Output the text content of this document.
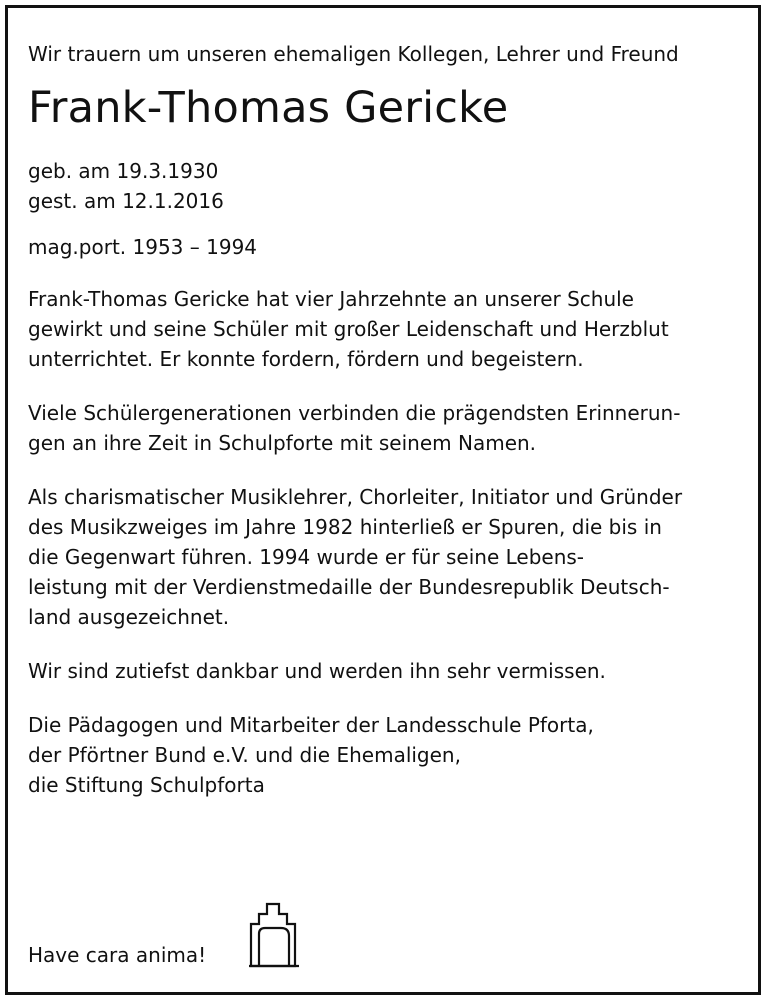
Wir trauern um unseren ehemaligen Kollegen, Lehrer und Freund

Frank-Thomas Gericke

geb. am 19.3.1930
gest. am 12.1.2016

mag.port. 1953 – 1994

Frank-Thomas Gericke hat vier Jahrzehnte an unserer Schule
gewirkt und seine Schüler mit großer Leidenschaft und Herzblut
unterrichtet. Er konnte fordern, fördern und begeistern.

Viele Schülergenerationen verbinden die prägendsten Erinnerun-
gen an ihre Zeit in Schulpforte mit seinem Namen.

Als charismatischer Musiklehrer, Chorleiter, Initiator und Gründer
des Musikzweiges im Jahre 1982 hinterließ er Spuren, die bis in
die Gegenwart führen. 1994 wurde er für seine Lebens-
leistung mit der Verdienstmedaille der Bundesrepublik Deutsch-
land ausgezeichnet.

Wir sind zutiefst dankbar und werden ihn sehr vermissen.

Die Pädagogen und Mitarbeiter der Landesschule Pforta,
der Pförtner Bund e.V. und die Ehemaligen,
die Stiftung Schulpforta

Have cara anima!
